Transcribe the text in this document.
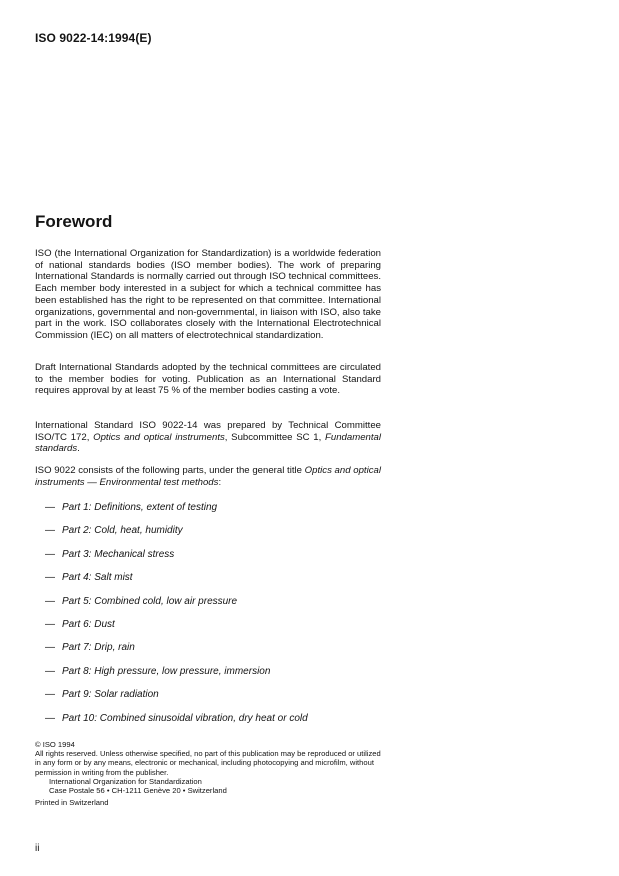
ISO 9022-14:1994(E)
Foreword

ISO (the International Organization for Standardization) is a worldwide federation of national standards bodies (ISO member bodies). The work of preparing International Standards is normally carried out through ISO technical committees. Each member body interested in a subject for which a technical committee has been established has the right to be represented on that committee. International organizations, governmental and non-governmental, in liaison with ISO, also take part in the work. ISO collaborates closely with the International Electrotechnical Commission (IEC) on all matters of electrotechnical standardization.

Draft International Standards adopted by the technical committees are circulated to the member bodies for voting. Publication as an International Standard requires approval by at least 75 % of the member bodies casting a vote.

International Standard ISO 9022-14 was prepared by Technical Committee ISO/TC 172, Optics and optical instruments, Subcommittee SC 1, Fundamental standards.

ISO 9022 consists of the following parts, under the general title Optics and optical instruments — Environmental test methods:

— Part 1: Definitions, extent of testing
— Part 2: Cold, heat, humidity
— Part 3: Mechanical stress
— Part 4: Salt mist
— Part 5: Combined cold, low air pressure
— Part 6: Dust
— Part 7: Drip, rain
— Part 8: High pressure, low pressure, immersion
— Part 9: Solar radiation
— Part 10: Combined sinusoidal vibration, dry heat or cold
© ISO 1994
All rights reserved. Unless otherwise specified, no part of this publication may be reproduced or utilized in any form or by any means, electronic or mechanical, including photocopying and microfilm, without permission in writing from the publisher.
International Organization for Standardization
Case Postale 56 • CH-1211 Genève 20 • Switzerland
Printed in Switzerland
ii
